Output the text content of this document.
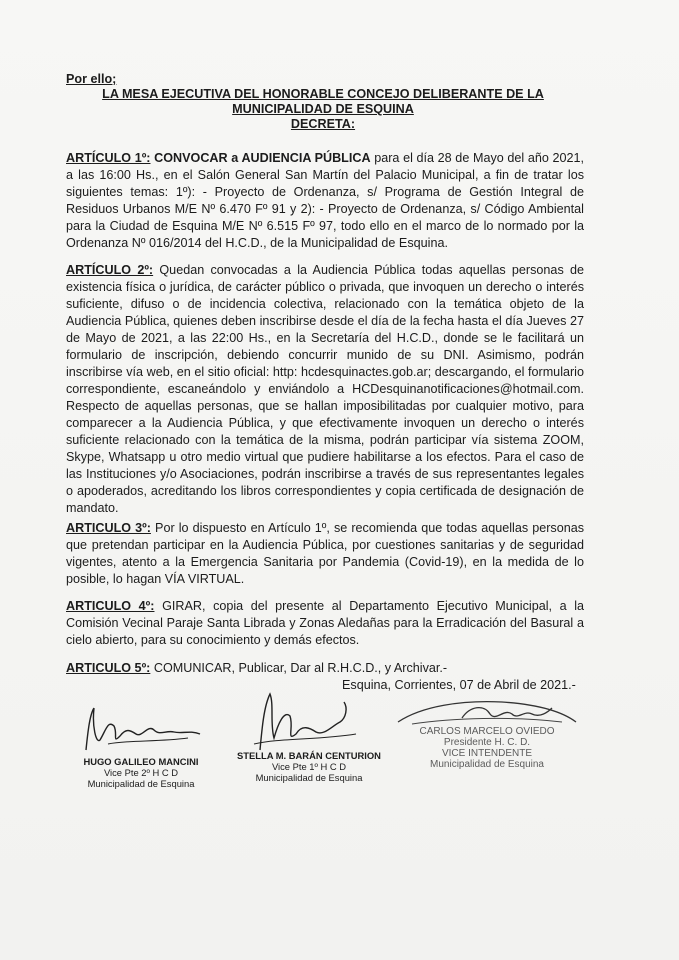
Por ello;
LA MESA EJECUTIVA DEL HONORABLE CONCEJO DELIBERANTE DE LA
MUNICIPALIDAD DE ESQUINA
DECRETA:
ARTÍCULO 1º: CONVOCAR a AUDIENCIA PÚBLICA para el día 28 de Mayo del año 2021, a las 16:00 Hs., en el Salón General San Martín del Palacio Municipal, a fin de tratar los siguientes temas: 1º): - Proyecto de Ordenanza, s/ Programa de Gestión Integral de Residuos Urbanos M/E Nº 6.470 Fº 91 y 2): - Proyecto de Ordenanza, s/ Código Ambiental para la Ciudad de Esquina M/E Nº 6.515 Fº 97, todo ello en el marco de lo normado por la Ordenanza Nº 016/2014 del H.C.D., de la Municipalidad de Esquina.
ARTÍCULO 2º: Quedan convocadas a la Audiencia Pública todas aquellas personas de existencia física o jurídica, de carácter público o privada, que invoquen un derecho o interés suficiente, difuso o de incidencia colectiva, relacionado con la temática objeto de la Audiencia Pública, quienes deben inscribirse desde el día de la fecha hasta el día Jueves 27 de Mayo de 2021, a las 22:00 Hs., en la Secretaría del H.C.D., donde se le facilitará un formulario de inscripción, debiendo concurrir munido de su DNI. Asimismo, podrán inscribirse vía web, en el sitio oficial: http: hcdesquinactes.gob.ar; descargando, el formulario correspondiente, escaneándolo y enviándolo a HCDesquinanotificaciones@hotmail.com. Respecto de aquellas personas, que se hallan imposibilitadas por cualquier motivo, para comparecer a la Audiencia Pública, y que efectivamente invoquen un derecho o interés suficiente relacionado con la temática de la misma, podrán participar vía sistema ZOOM, Skype, Whatsapp u otro medio virtual que pudiere habilitarse a los efectos. Para el caso de las Instituciones y/o Asociaciones, podrán inscribirse a través de sus representantes legales o apoderados, acreditando los libros correspondientes y copia certificada de designación de mandato.
ARTICULO 3º: Por lo dispuesto en Artículo 1º, se recomienda que todas aquellas personas que pretendan participar en la Audiencia Pública, por cuestiones sanitarias y de seguridad vigentes, atento a la Emergencia Sanitaria por Pandemia (Covid-19), en la medida de lo posible, lo hagan VÍA VIRTUAL.
ARTICULO 4º: GIRAR, copia del presente al Departamento Ejecutivo Municipal, a la Comisión Vecinal Paraje Santa Librada y Zonas Aledañas para la Erradicación del Basural a cielo abierto, para su conocimiento y demás efectos.
ARTICULO 5º: COMUNICAR, Publicar, Dar al R.H.C.D., y Archivar.-
Esquina, Corrientes, 07 de Abril de 2021.-
HUGO GALILEO MANCINI
Vice Pte 2º H C D
Municipalidad de Esquina
STELLA M. BARÁN CENTURION
Vice Pte 1º H C D
Municipalidad de Esquina
CARLOS MARCELO OVIEDO
Presidente H. C. D.
VICE INTENDENTE
Municipalidad de Esquina
